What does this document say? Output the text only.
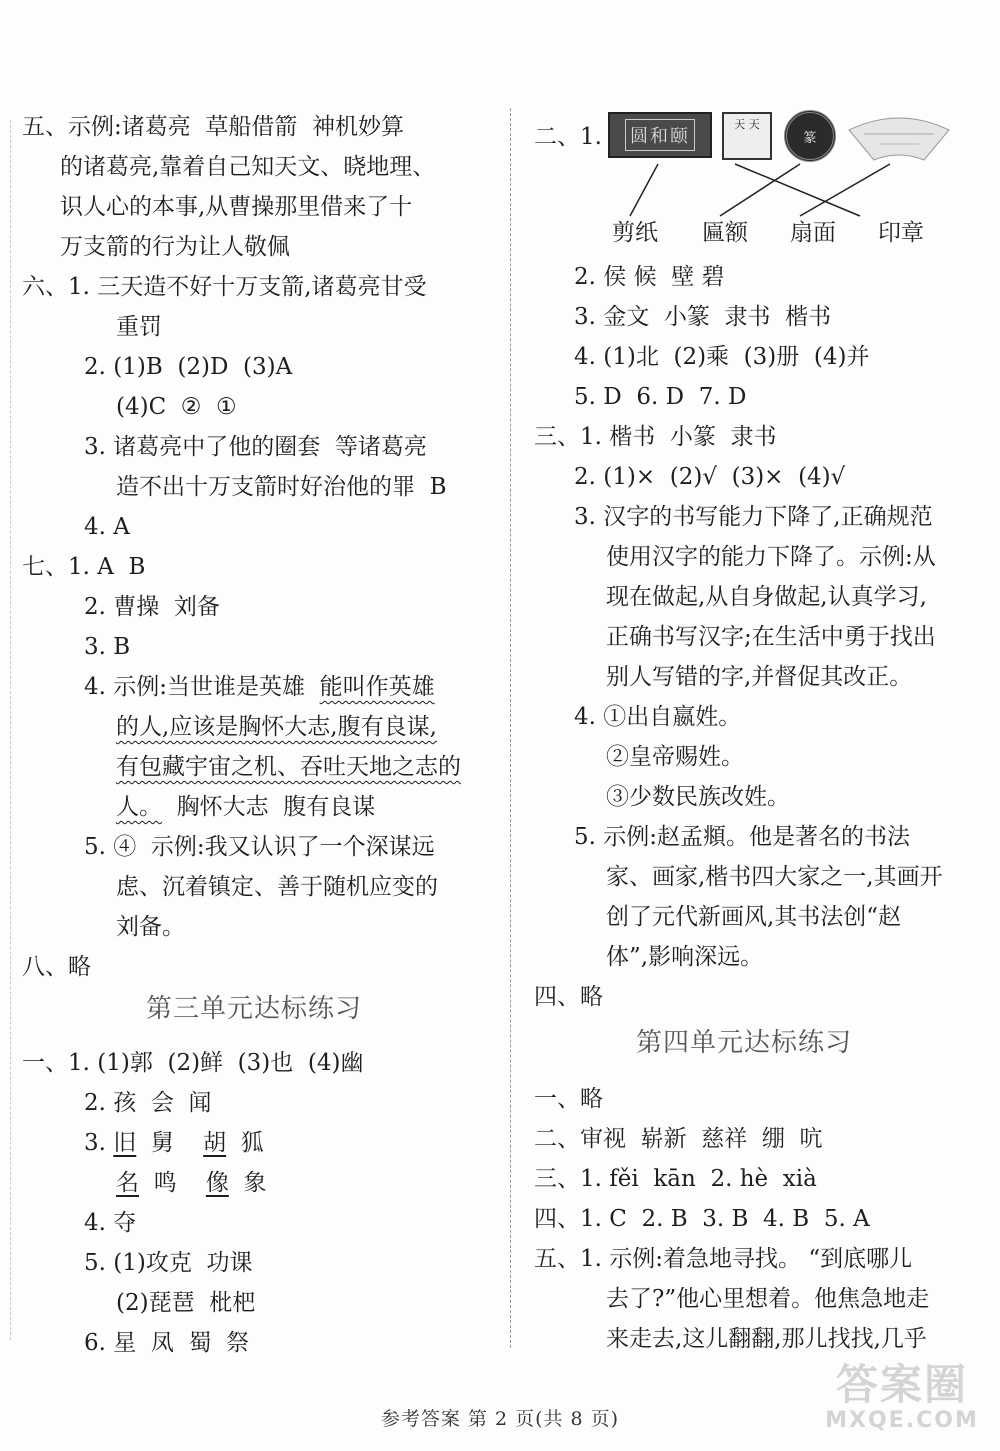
五、示例:诸葛亮  草船借箭  神机妙算
的诸葛亮,靠着自己知天文、晓地理、
识人心的本事,从曹操那里借来了十
万支箭的行为让人敬佩
六、1. 三天造不好十万支箭,诸葛亮甘受
重罚
2. (1)B  (2)D  (3)A
(4)C  ②  ①
3. 诸葛亮中了他的圈套  等诸葛亮
造不出十万支箭时好治他的罪  B
4. A
七、1. A  B
2. 曹操  刘备
3. B
4. 示例:当世谁是英雄  能叫作英雄
的人,应该是胸怀大志,腹有良谋,
有包藏宇宙之机、吞吐天地之志的
人。  胸怀大志  腹有良谋
5. ④  示例:我又认识了一个深谋远
虑、沉着镇定、善于随机应变的
刘备。
八、略
第三单元达标练习
一、1. (1)郭  (2)鲜  (3)也  (4)幽
2. 孩  会  闻
3. 旧 舅 胡 狐
名 鸣 像 象
4. 夺
5. (1)攻克  功课
(2)琵琶  枇杷
6. 星  凤  蜀  祭
二、1. 圆和颐
天 天
篆
剪纸 匾额 扇面 印章
2. 侯 候  壁 碧
3. 金文  小篆  隶书  楷书
4. (1)北  (2)乘  (3)册  (4)并
5. D 6. D 7. D
三、1. 楷书  小篆  隶书
2. (1)×  (2)√  (3)×  (4)√
3. 汉字的书写能力下降了,正确规范
使用汉字的能力下降了。示例:从
现在做起,从自身做起,认真学习,
正确书写汉字;在生活中勇于找出
别人写错的字,并督促其改正。
4. ①出自嬴姓。
②皇帝赐姓。
③少数民族改姓。
5. 示例:赵孟頫。他是著名的书法
家、画家,楷书四大家之一,其画开
创了元代新画风,其书法创“赵
体”,影响深远。
四、略
第四单元达标练习
一、略
二、审视  崭新  慈祥  绷  吭
三、1. fěi  kān 2. hè  xià
四、1. C  2. B  3. B  4. B  5. A
五、1. 示例:着急地寻找。 “到底哪儿
去了?”他心里想着。他焦急地走
来走去,这儿翻翻,那儿找找,几乎
参考答案 第 2 页(共 8 页)
答案圈
MXQE.COM
